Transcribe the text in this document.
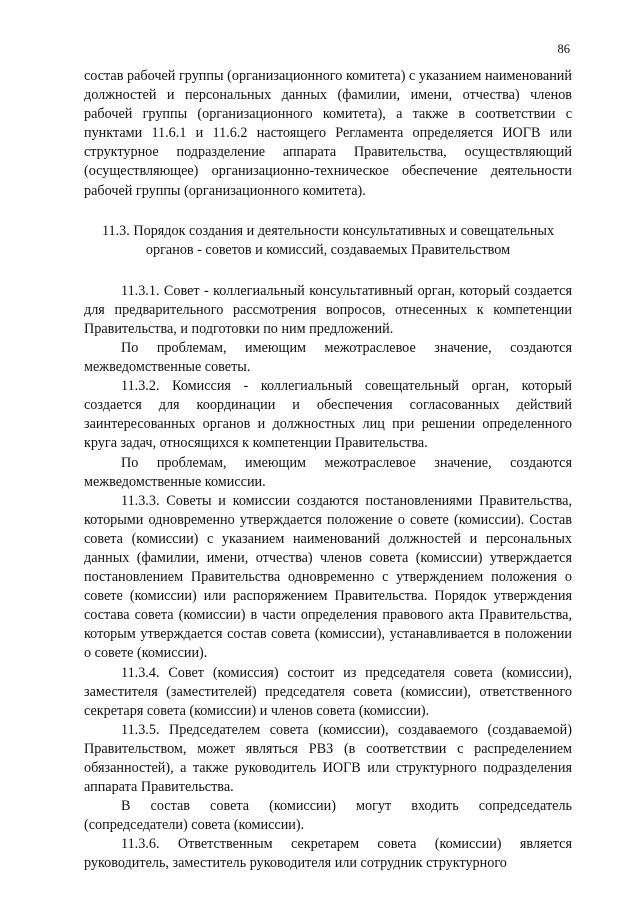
86

состав рабочей группы (организационного комитета) с указанием наименований должностей и персональных данных (фамилии, имени, отчества) членов рабочей группы (организационного комитета), а также в соответствии с пунктами 11.6.1 и 11.6.2 настоящего Регламента определяется ИОГВ или структурное подразделение аппарата Правительства, осуществляющий (осуществляющее) организационно-техническое обеспечение деятельности рабочей группы (организационного комитета).

11.3. Порядок создания и деятельности консультативных и совещательных
органов - советов и комиссий, создаваемых Правительством

11.3.1. Совет - коллегиальный консультативный орган, который создается для предварительного рассмотрения вопросов, отнесенных к компетенции Правительства, и подготовки по ним предложений.

По проблемам, имеющим межотраслевое значение, создаются межведомственные советы.

11.3.2. Комиссия - коллегиальный совещательный орган, который создается для координации и обеспечения согласованных действий заинтересованных органов и должностных лиц при решении определенного круга задач, относящихся к компетенции Правительства.

По проблемам, имеющим межотраслевое значение, создаются межведомственные комиссии.

11.3.3. Советы и комиссии создаются постановлениями Правительства, которыми одновременно утверждается положение о совете (комиссии). Состав совета (комиссии) с указанием наименований должностей и персональных данных (фамилии, имени, отчества) членов совета (комиссии) утверждается постановлением Правительства одновременно с утверждением положения о совете (комиссии) или распоряжением Правительства. Порядок утверждения состава совета (комиссии) в части определения правового акта Правительства, которым утверждается состав совета (комиссии), устанавливается в положении о совете (комиссии).

11.3.4. Совет (комиссия) состоит из председателя совета (комиссии), заместителя (заместителей) председателя совета (комиссии), ответственного секретаря совета (комиссии) и членов совета (комиссии).

11.3.5. Председателем совета (комиссии), создаваемого (создаваемой) Правительством, может являться РВЗ (в соответствии с распределением обязанностей), а также руководитель ИОГВ или структурного подразделения аппарата Правительства.

В состав совета (комиссии) могут входить сопредседатель (сопредседатели) совета (комиссии).

11.3.6. Ответственным секретарем совета (комиссии) является руководитель, заместитель руководителя или сотрудник структурного
